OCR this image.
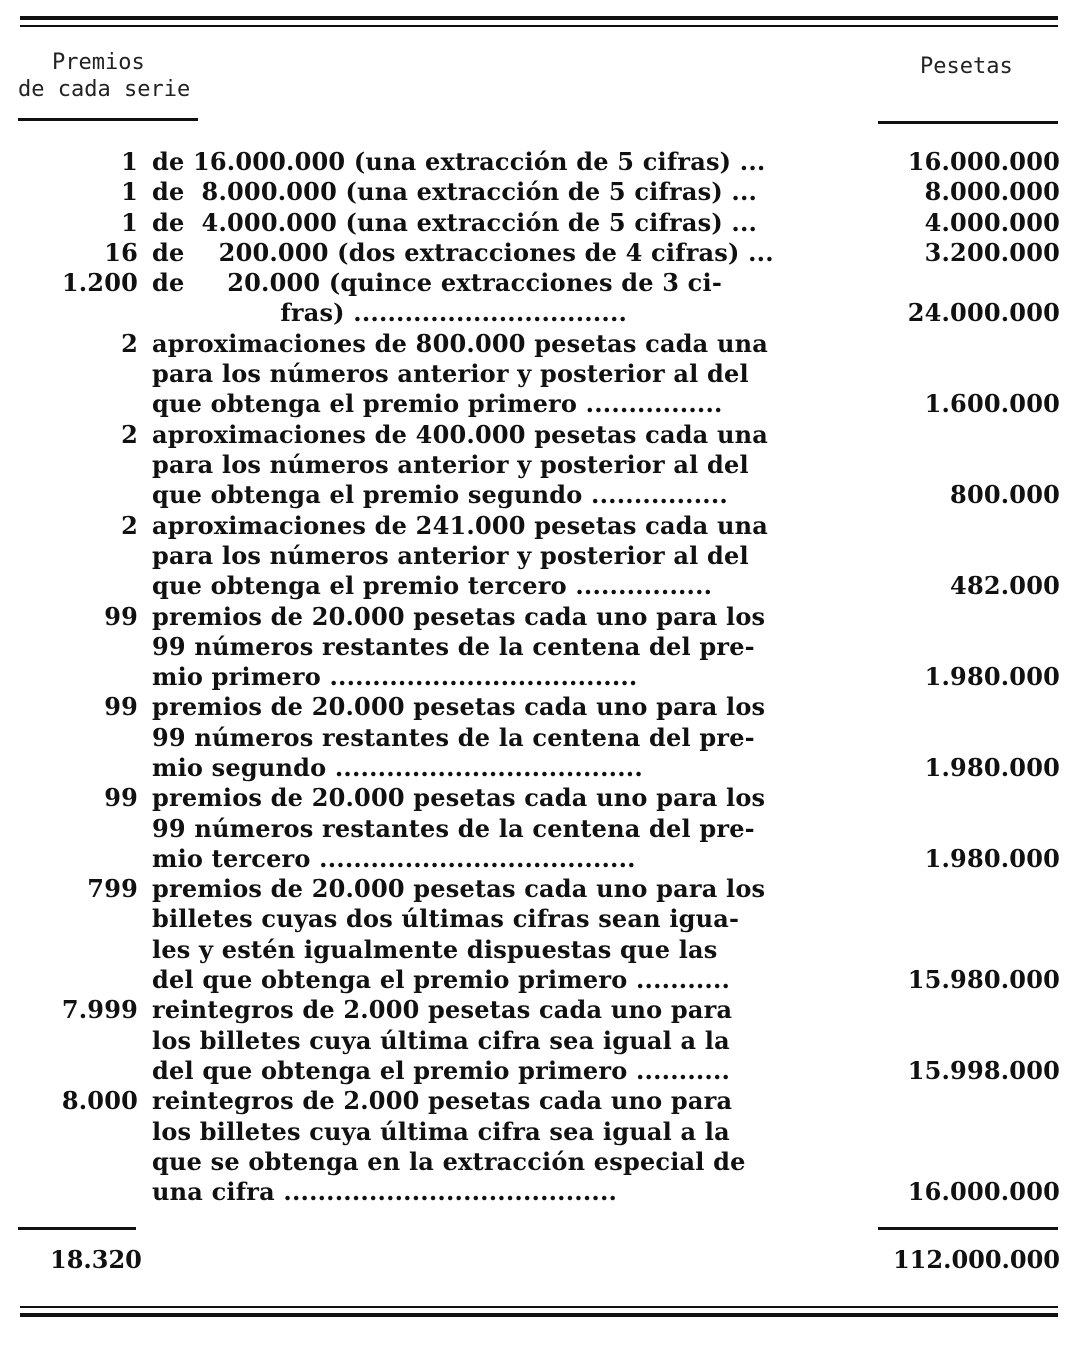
Premios
de cada serie
Pesetas
1 de 16.000.000 (una extracción de 5 cifras) ...	16.000.000
1 de  8.000.000 (una extracción de 5 cifras) ...	8.000.000
1 de  4.000.000 (una extracción de 5 cifras) ...	4.000.000
16 de    200.000 (dos extracciones de 4 cifras) ...	3.200.000
1.200 de     20.000 (quince extracciones de 3 ci-
fras) ................................	24.000.000
2 aproximaciones de 800.000 pesetas cada una
para los números anterior y posterior al del
que obtenga el premio primero ................	1.600.000
2 aproximaciones de 400.000 pesetas cada una
para los números anterior y posterior al del
que obtenga el premio segundo ................	800.000
2 aproximaciones de 241.000 pesetas cada una
para los números anterior y posterior al del
que obtenga el premio tercero ................	482.000
99 premios de 20.000 pesetas cada uno para los
99 números restantes de la centena del pre-
mio primero ....................................	1.980.000
99 premios de 20.000 pesetas cada uno para los
99 números restantes de la centena del pre-
mio segundo ....................................	1.980.000
99 premios de 20.000 pesetas cada uno para los
99 números restantes de la centena del pre-
mio tercero .....................................	1.980.000
799 premios de 20.000 pesetas cada uno para los
billetes cuyas dos últimas cifras sean igua-
les y estén igualmente dispuestas que las
del que obtenga el premio primero ...........	15.980.000
7.999 reintegros de 2.000 pesetas cada uno para
los billetes cuya última cifra sea igual a la
del que obtenga el premio primero ...........	15.998.000
8.000 reintegros de 2.000 pesetas cada uno para
los billetes cuya última cifra sea igual a la
que se obtenga en la extracción especial de
una cifra .......................................	16.000.000
18.320	112.000.000
